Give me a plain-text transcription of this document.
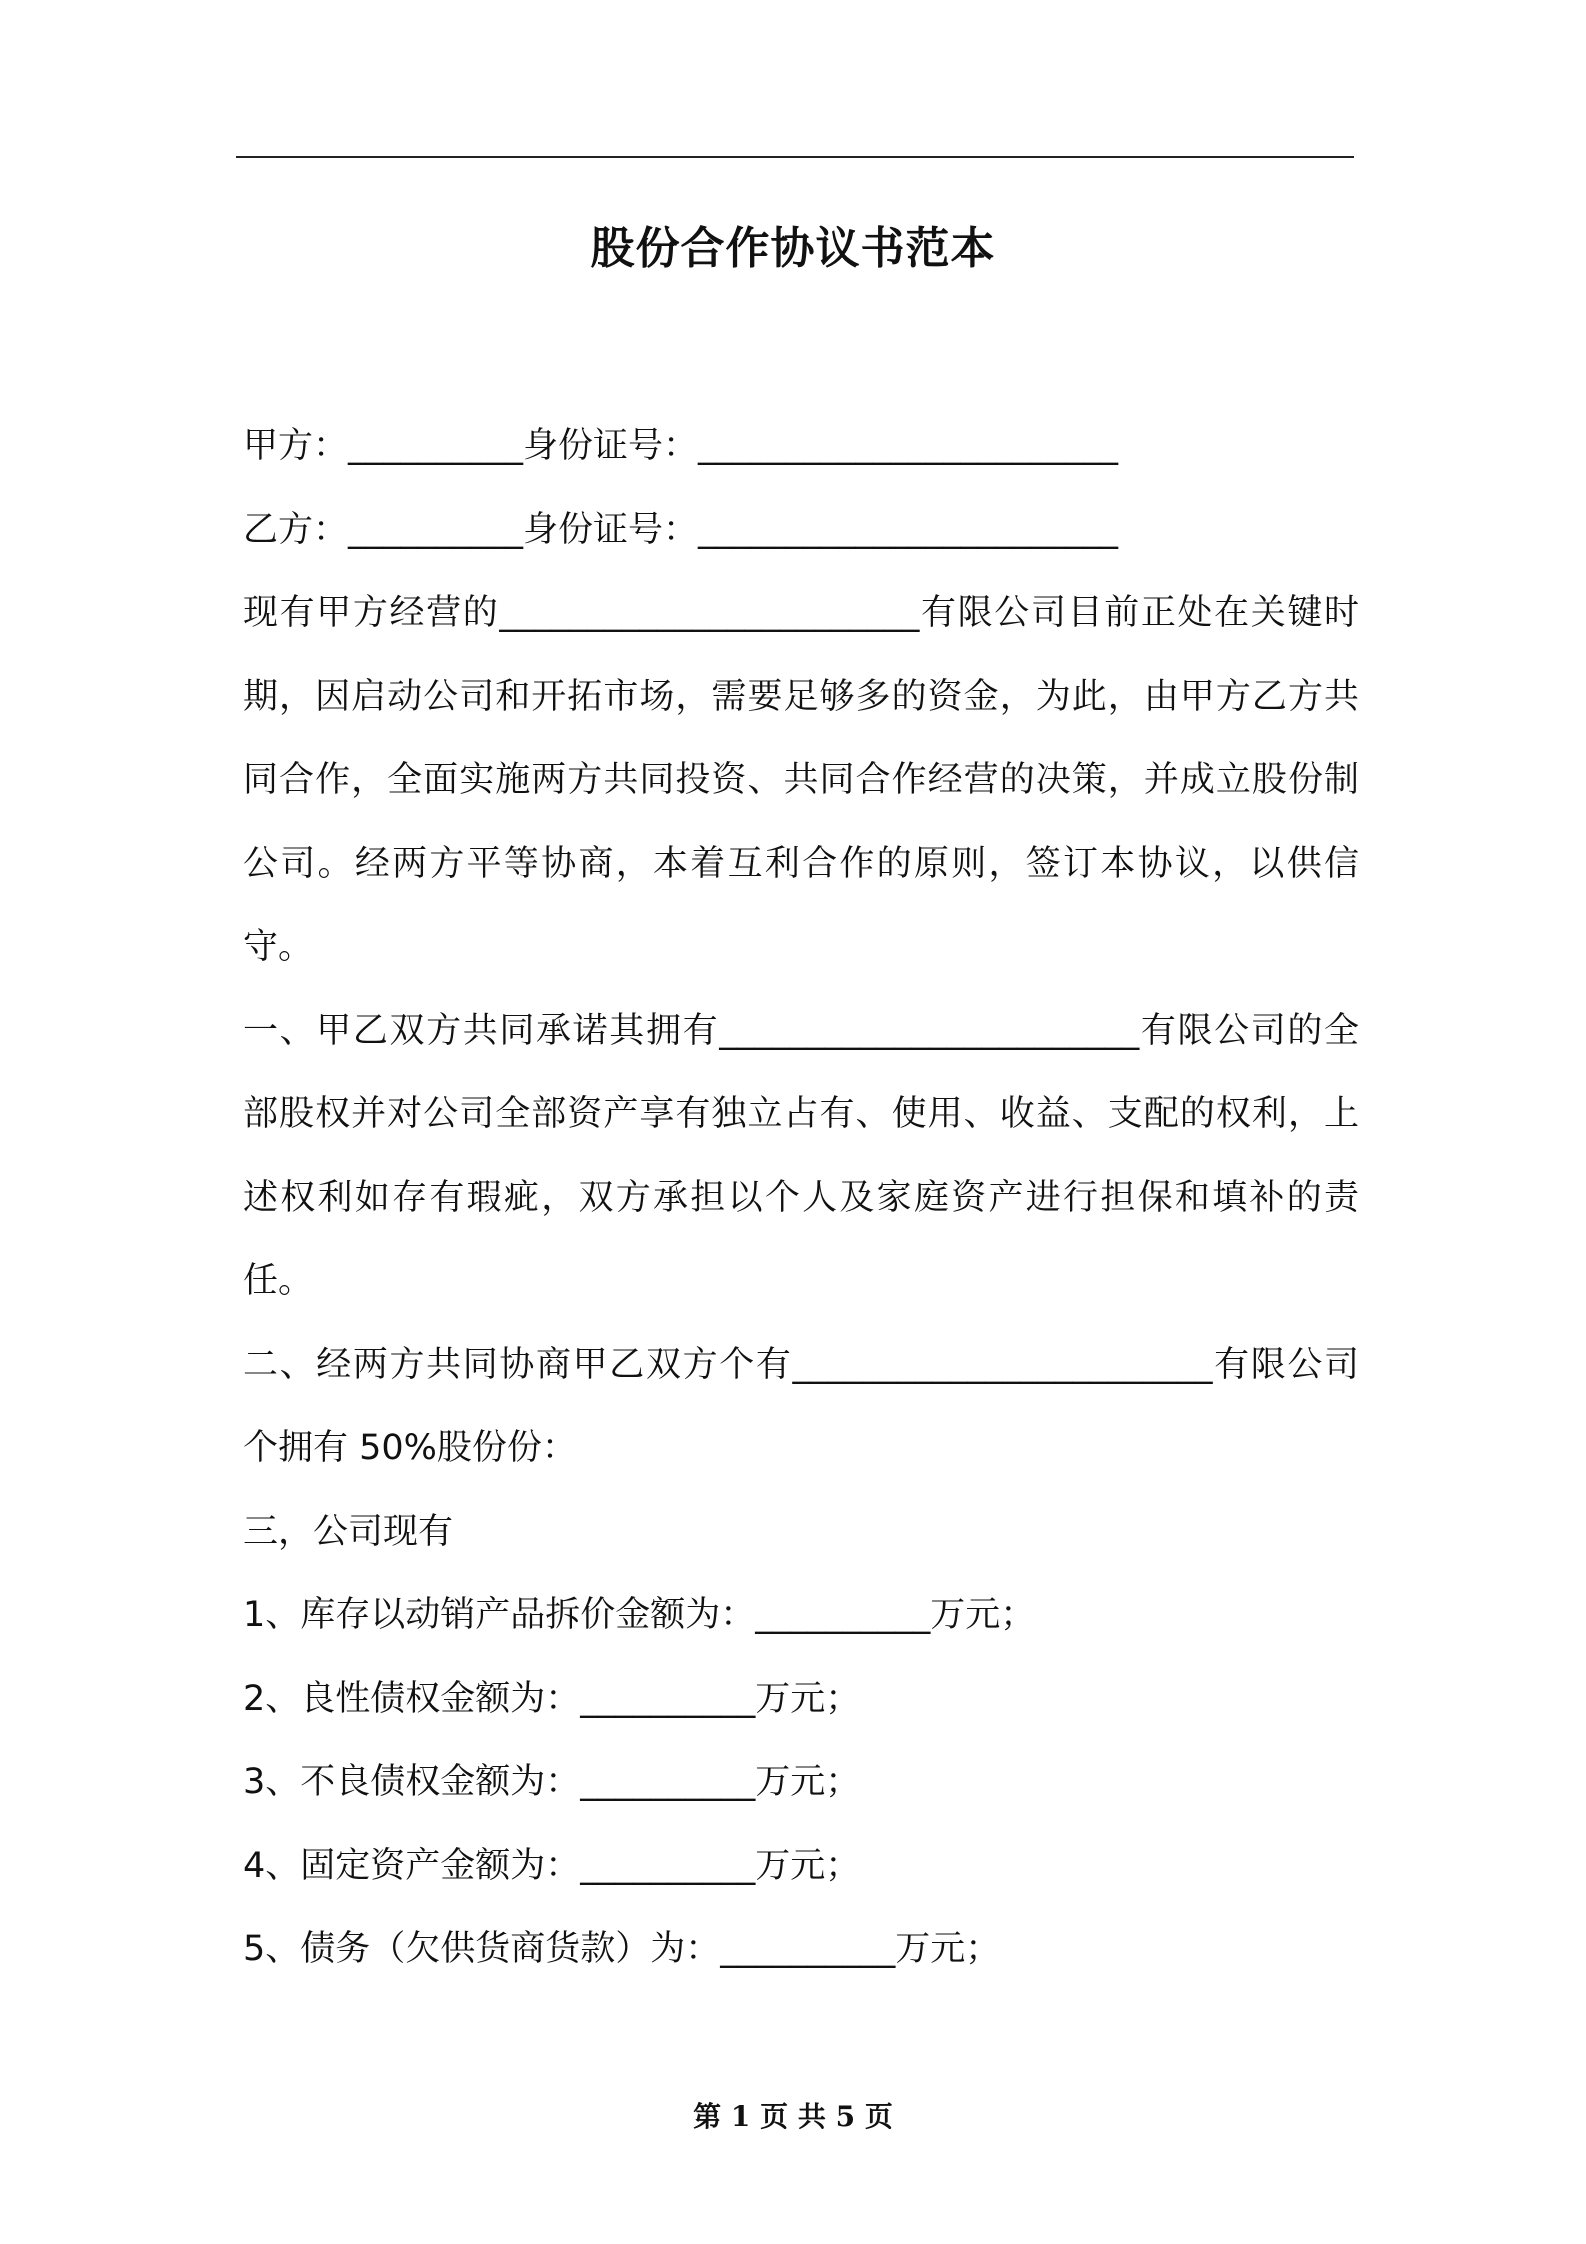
股份合作协议书范本
甲方：__________身份证号：________________________
乙方：__________身份证号：________________________
现有甲方经营的________________________有限公司目前正处在关键时期，因启动公司和开拓市场，需要足够多的资金，为此，由甲方乙方共同合作，全面实施两方共同投资、共同合作经营的决策，并成立股份制公司。经两方平等协商，本着互利合作的原则，签订本协议，以供信守。
一、甲乙双方共同承诺其拥有________________________有限公司的全部股权并对公司全部资产享有独立占有、使用、收益、支配的权利，上述权利如存有瑕疵，双方承担以个人及家庭资产进行担保和填补的责任。
二、经两方共同协商甲乙双方个有________________________有限公司个拥有 50%股份份：
三，公司现有
1、库存以动销产品拆价金额为：__________万元；
2、良性债权金额为：__________万元；
3、不良债权金额为：__________万元；
4、固定资产金额为：__________万元；
5、债务（欠供货商货款）为：__________万元；
第 1 页 共 5 页
